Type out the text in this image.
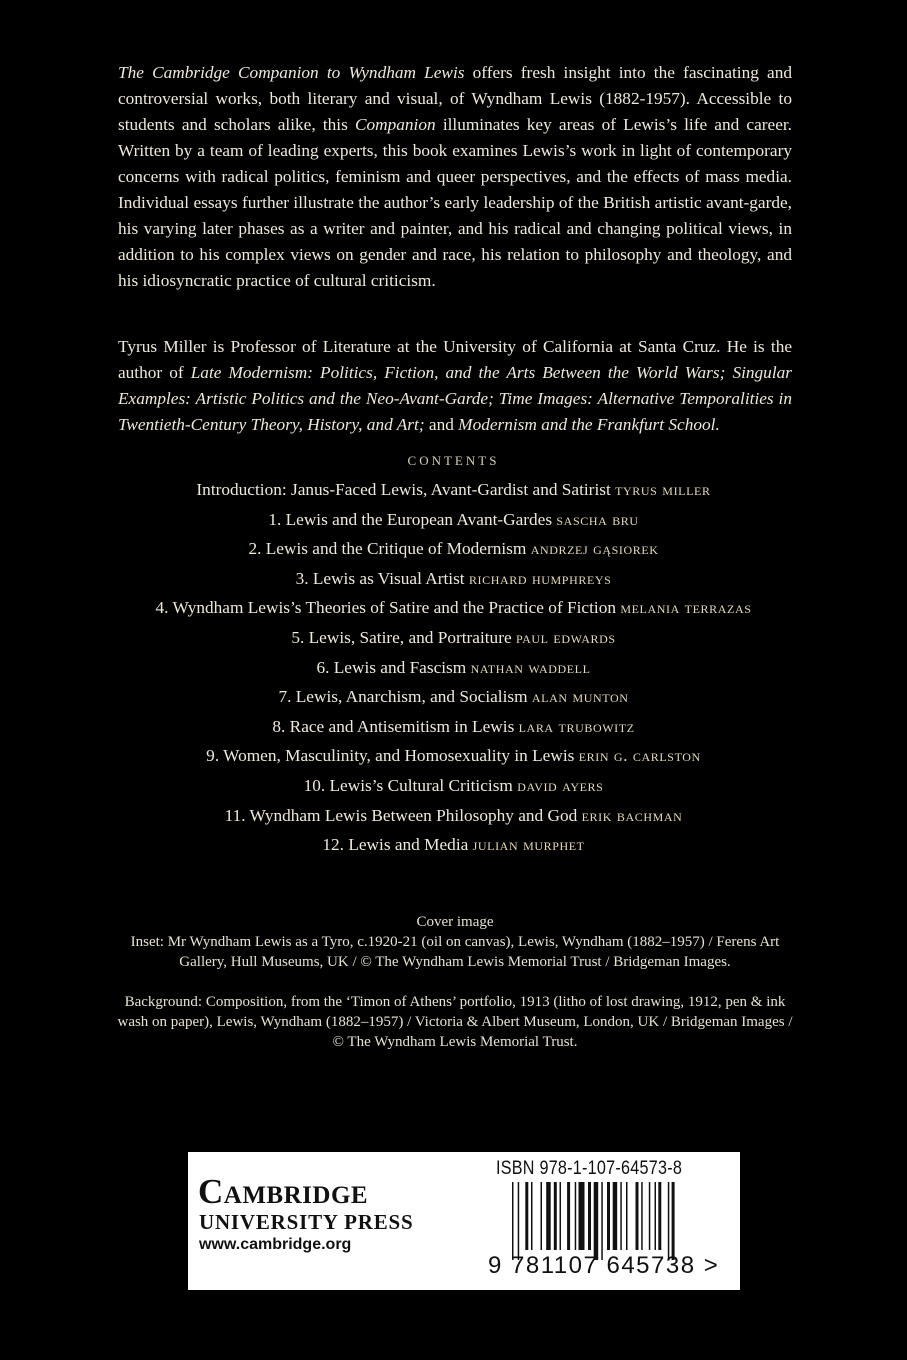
The Cambridge Companion to Wyndham Lewis offers fresh insight into the fascinating and controversial works, both literary and visual, of Wyndham Lewis (1882-1957). Accessible to students and scholars alike, this Companion illuminates key areas of Lewis’s life and career. Written by a team of leading experts, this book examines Lewis’s work in light of contemporary concerns with radical politics, feminism and queer perspectives, and the effects of mass media. Individual essays further illustrate the author’s early leadership of the British artistic avant-garde, his varying later phases as a writer and painter, and his radical and changing political views, in addition to his complex views on gender and race, his relation to philosophy and theology, and his idiosyncratic practice of cultural criticism.
Tyrus Miller is Professor of Literature at the University of California at Santa Cruz. He is the author of Late Modernism: Politics, Fiction, and the Arts Between the World Wars; Singular Examples: Artistic Politics and the Neo-Avant-Garde; Time Images: Alternative Temporalities in Twentieth-Century Theory, History, and Art; and Modernism and the Frankfurt School.
CONTENTS
Introduction: Janus-Faced Lewis, Avant-Gardist and Satirist tyrus miller
1. Lewis and the European Avant-Gardes sascha bru
2. Lewis and the Critique of Modernism andrzej gąsiorek
3. Lewis as Visual Artist richard humphreys
4. Wyndham Lewis’s Theories of Satire and the Practice of Fiction melania terrazas
5. Lewis, Satire, and Portraiture paul edwards
6. Lewis and Fascism nathan waddell
7. Lewis, Anarchism, and Socialism alan munton
8. Race and Antisemitism in Lewis lara trubowitz
9. Women, Masculinity, and Homosexuality in Lewis erin g. carlston
10. Lewis’s Cultural Criticism david ayers
11. Wyndham Lewis Between Philosophy and God erik bachman
12. Lewis and Media julian murphet
Cover image

Inset: Mr Wyndham Lewis as a Tyro, c.1920-21 (oil on canvas), Lewis, Wyndham (1882–1957) / Ferens Art Gallery, Hull Museums, UK / © The Wyndham Lewis Memorial Trust / Bridgeman Images.

Background: Composition, from the ‘Timon of Athens’ portfolio, 1913 (litho of lost drawing, 1912, pen & ink wash on paper), Lewis, Wyndham (1882–1957) / Victoria & Albert Museum, London, UK / Bridgeman Images / © The Wyndham Lewis Memorial Trust.

Cambridge
UNIVERSITY PRESS
www.cambridge.org
ISBN 978-1-107-64573-8
9 781107 645738 >
